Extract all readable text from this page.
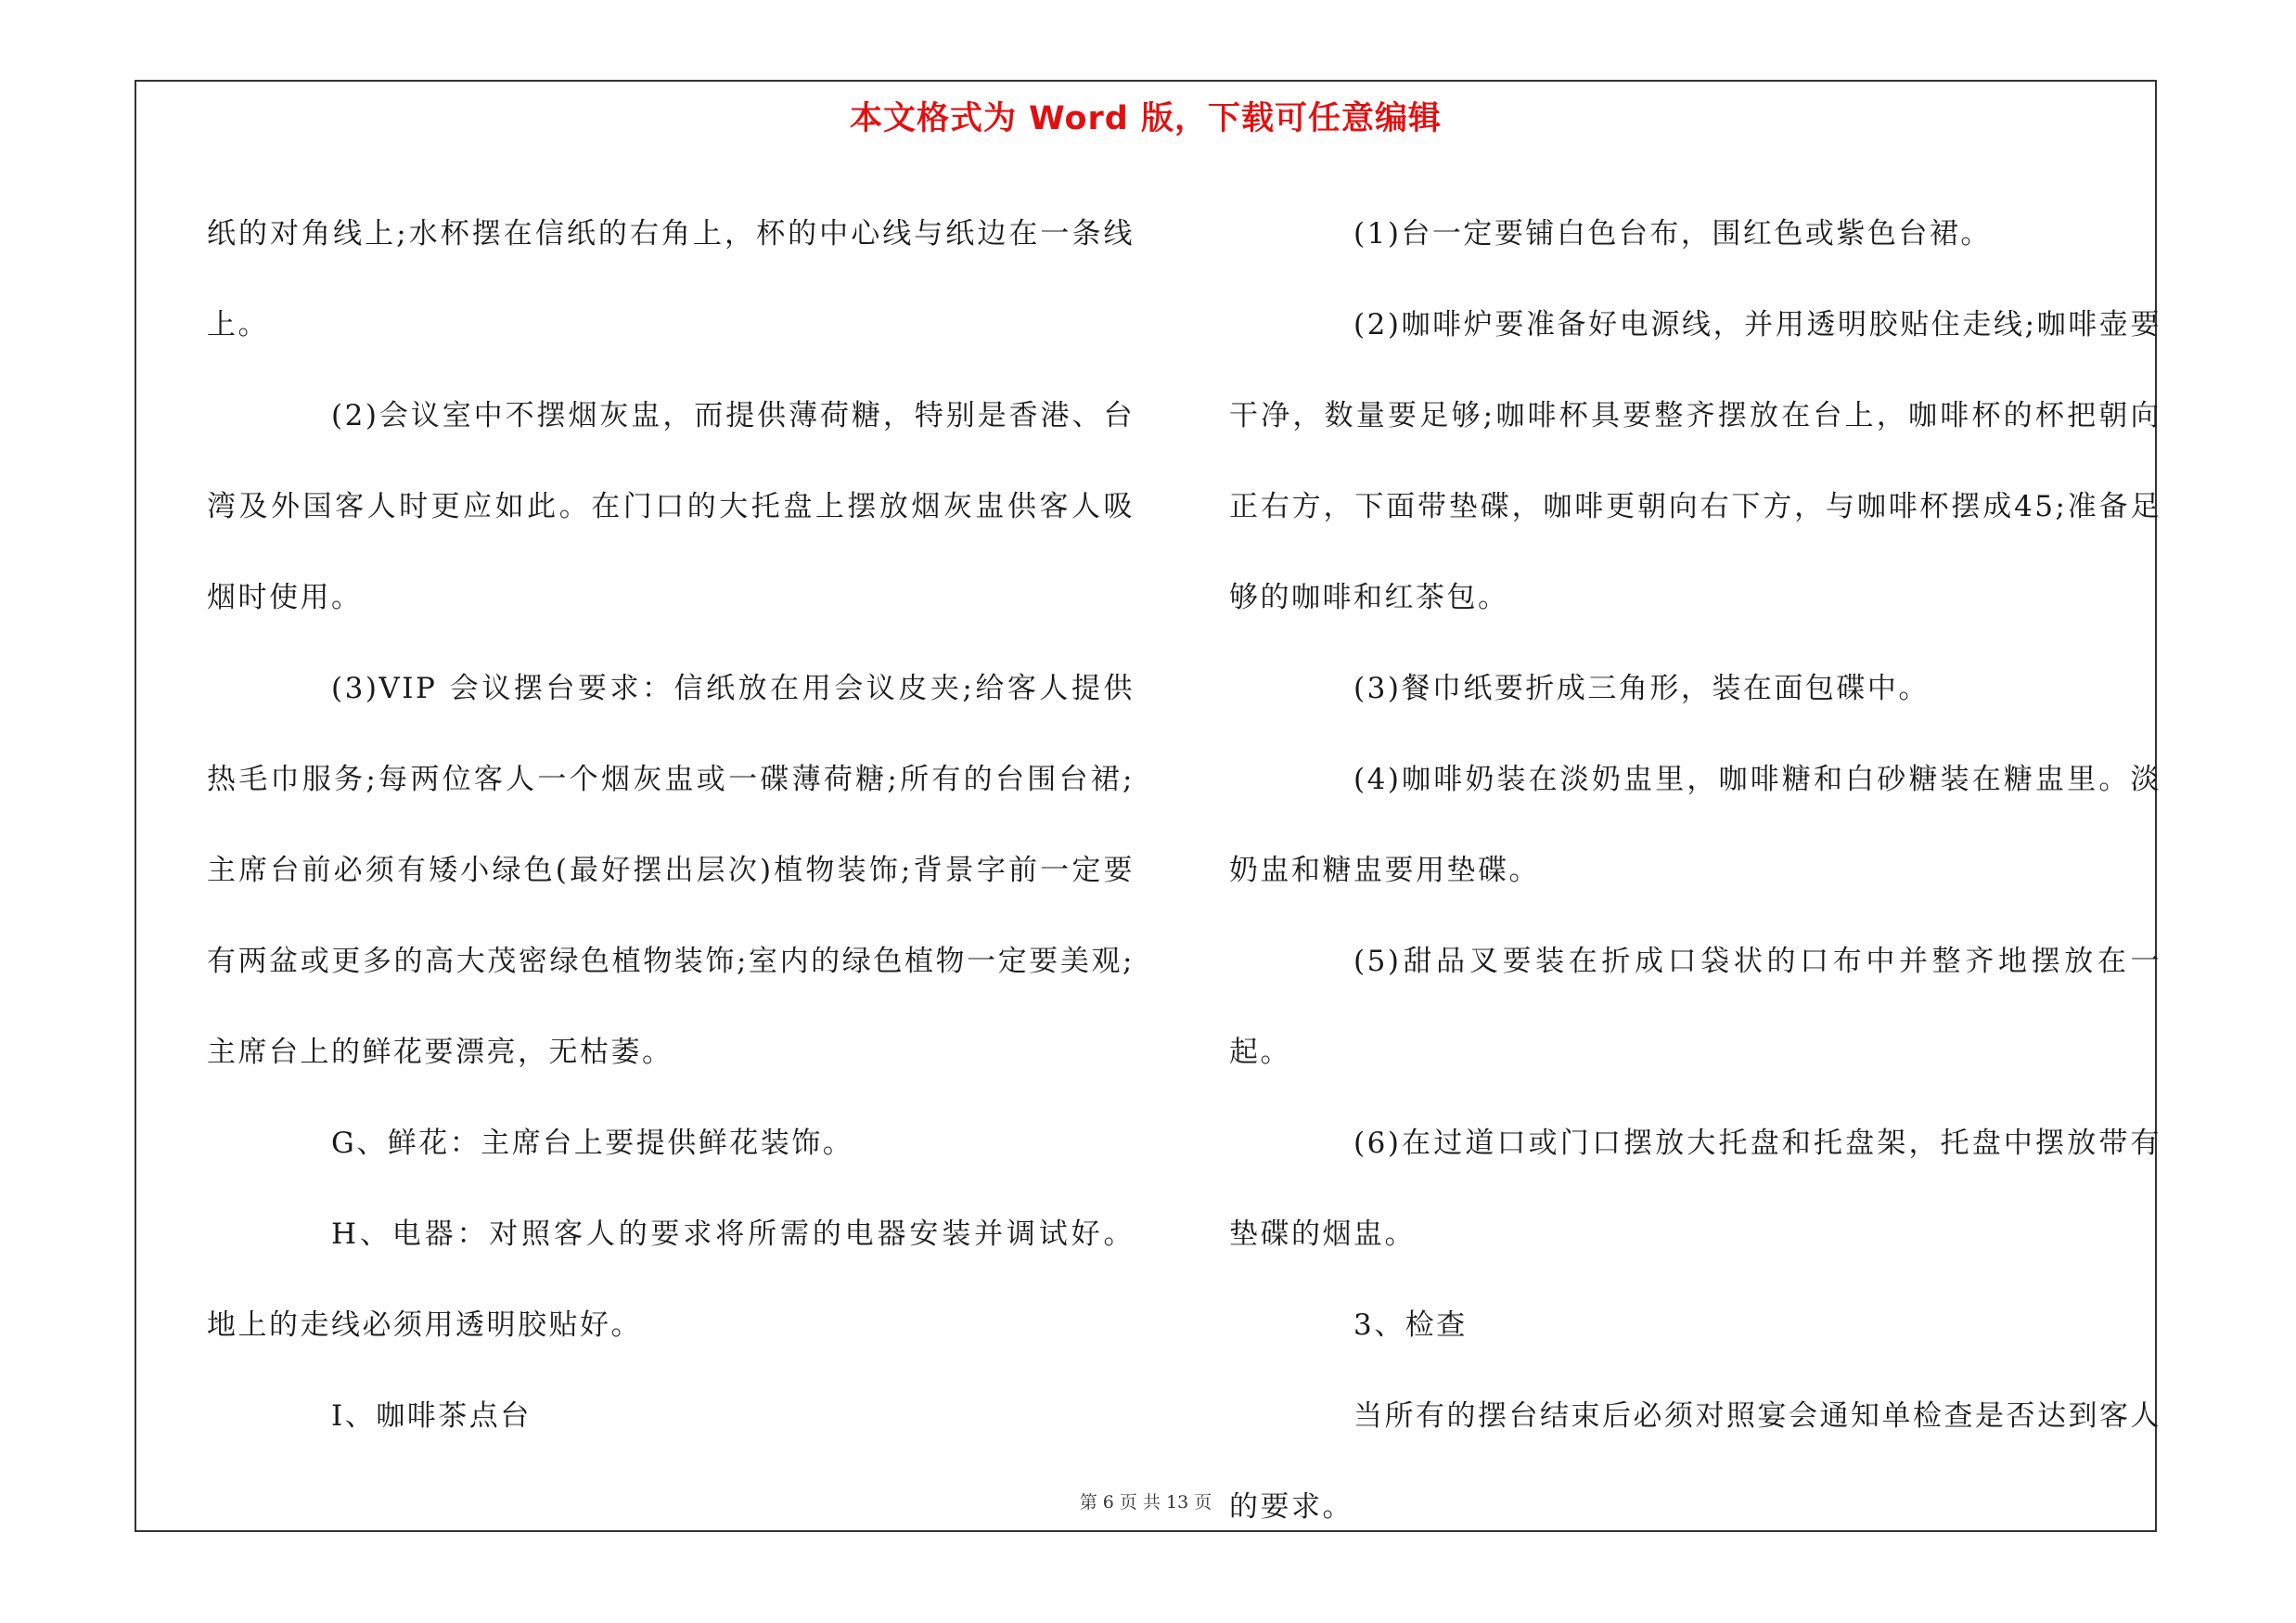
本文格式为 Word 版，下载可任意编辑

纸的对角线上;水杯摆在信纸的右角上，杯的中心线与纸边在一条线上。

(2)会议室中不摆烟灰盅，而提供薄荷糖，特别是香港、台湾及外国客人时更应如此。在门口的大托盘上摆放烟灰盅供客人吸烟时使用。

(3)VIP 会议摆台要求：信纸放在用会议皮夹;给客人提供热毛巾服务;每两位客人一个烟灰盅或一碟薄荷糖;所有的台围台裙;主席台前必须有矮小绿色(最好摆出层次)植物装饰;背景字前一定要有两盆或更多的高大茂密绿色植物装饰;室内的绿色植物一定要美观;主席台上的鲜花要漂亮，无枯萎。

G、鲜花：主席台上要提供鲜花装饰。

H、电器：对照客人的要求将所需的电器安装并调试好。地上的走线必须用透明胶贴好。

I、咖啡茶点台

(1)台一定要铺白色台布，围红色或紫色台裙。

(2)咖啡炉要准备好电源线，并用透明胶贴住走线;咖啡壶要干净，数量要足够;咖啡杯具要整齐摆放在台上，咖啡杯的杯把朝向正右方，下面带垫碟，咖啡更朝向右下方，与咖啡杯摆成45;准备足够的咖啡和红茶包。

(3)餐巾纸要折成三角形，装在面包碟中。

(4)咖啡奶装在淡奶盅里，咖啡糖和白砂糖装在糖盅里。淡奶盅和糖盅要用垫碟。

(5)甜品叉要装在折成口袋状的口布中并整齐地摆放在一起。

(6)在过道口或门口摆放大托盘和托盘架，托盘中摆放带有垫碟的烟盅。

3、检查

当所有的摆台结束后必须对照宴会通知单检查是否达到客人的要求。

第 6 页 共 13 页
